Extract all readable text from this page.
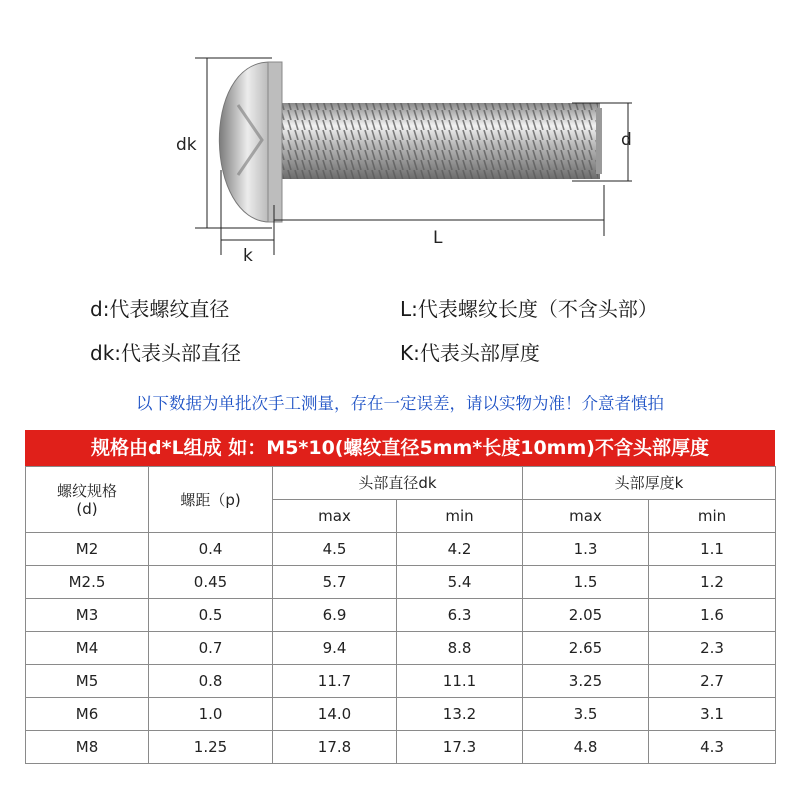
dk	d
k
L
d:代表螺纹直径	L:代表螺纹长度（不含头部）
dk:代表头部直径	K:代表头部厚度
以下数据为单批次手工测量，存在一定误差，请以实物为准！介意者慎拍
规格由d*L组成 如：M5*10(螺纹直径5mm*长度10mm)不含头部厚度
螺纹规格
(d)	螺距（p)	头部直径dk		头部厚度k	
		max	min	max	min
M2	0.4	4.5	4.2	1.3	1.1
M2.5	0.45	5.7	5.4	1.5	1.2
M3	0.5	6.9	6.3	2.05	1.6
M4	0.7	9.4	8.8	2.65	2.3
M5	0.8	11.7	11.1	3.25	2.7
M6	1.0	14.0	13.2	3.5	3.1
M8	1.25	17.8	17.3	4.8	4.3
